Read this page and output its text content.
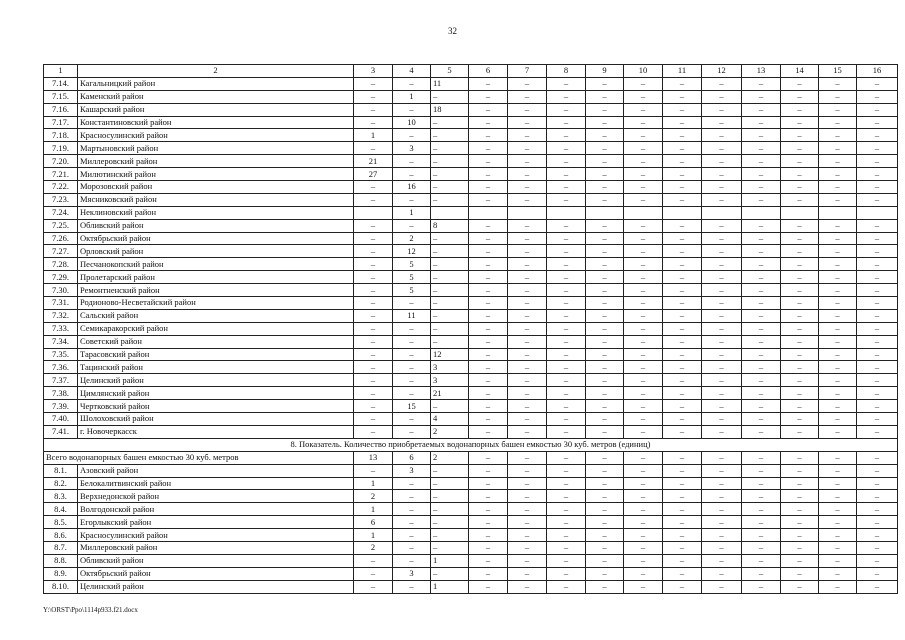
32
1	2	3	4	5	6	7	8	9	10	11	12	13	14	15	16
7.14.	Кагальницкий район	–	–	11	–	–	–	–	–	–	–	–	–	–	–
7.15.	Каменский район	–	1	–	–	–	–	–	–	–	–	–	–	–	–
7.16.	Кашарский район	–	–	18	–	–	–	–	–	–	–	–	–	–	–
7.17.	Константиновский район	–	10	–	–	–	–	–	–	–	–	–	–	–	–
7.18.	Красносулинский район	1	–	–	–	–	–	–	–	–	–	–	–	–	–
7.19.	Мартыновский район	–	3	–	–	–	–	–	–	–	–	–	–	–	–
7.20.	Миллеровский район	21	–	–	–	–	–	–	–	–	–	–	–	–	–
7.21.	Милютинский район	27	–	–	–	–	–	–	–	–	–	–	–	–	–
7.22.	Морозовский район	–	16	–	–	–	–	–	–	–	–	–	–	–	–
7.23.	Мясниковский район	–	–	–	–	–	–	–	–	–	–	–	–	–	–
7.24.	Неклиновский район		1												
7.25.	Обливский район	–	–	8	–	–	–	–	–	–	–	–	–	–	–
7.26.	Октябрьский район	–	2	–	–	–	–	–	–	–	–	–	–	–	–
7.27.	Орловский район	–	12	–	–	–	–	–	–	–	–	–	–	–	–
7.28.	Песчанокопский район	–	5	–	–	–	–	–	–	–	–	–	–	–	–
7.29.	Пролетарский район	–	5	–	–	–	–	–	–	–	–	–	–	–	–
7.30.	Ремонтненский район	–	5	–	–	–	–	–	–	–	–	–	–	–	–
7.31.	Родионово-Несветайский район	–	–	–	–	–	–	–	–	–	–	–	–	–	–
7.32.	Сальский район	–	11	–	–	–	–	–	–	–	–	–	–	–	–
7.33.	Семикаракорский район	–	–	–	–	–	–	–	–	–	–	–	–	–	–
7.34.	Советский район	–	–	–	–	–	–	–	–	–	–	–	–	–	–
7.35.	Тарасовский район	–	–	12	–	–	–	–	–	–	–	–	–	–	–
7.36.	Тацинский район	–	–	3	–	–	–	–	–	–	–	–	–	–	–
7.37.	Целинский район	–	–	3	–	–	–	–	–	–	–	–	–	–	–
7.38.	Цимлянский район	–	–	21	–	–	–	–	–	–	–	–	–	–	–
7.39.	Чертковский район	–	15	–	–	–	–	–	–	–	–	–	–	–	–
7.40.	Шолоховский район	–	–	4	–	–	–	–	–	–	–	–	–	–	–
7.41.	г. Новочеркасск	–	–	2	–	–	–	–	–	–	–	–	–	–	–
8. Показатель. Количество приобретаемых водонапорных башен емкостью 30 куб. метров (единиц)															
Всего водонапорных башен емкостью 30 куб. метров		13	6	2	–	–	–	–	–	–	–	–	–	–	–
8.1.	Азовский район	–	3	–	–	–	–	–	–	–	–	–	–	–	–
8.2.	Белокалитвинский район	1	–	–	–	–	–	–	–	–	–	–	–	–	–
8.3.	Верхнедонской район	2	–	–	–	–	–	–	–	–	–	–	–	–	–
8.4.	Волгодонской район	1	–	–	–	–	–	–	–	–	–	–	–	–	–
8.5.	Егорлыкский район	6	–	–	–	–	–	–	–	–	–	–	–	–	–
8.6.	Красносулинский район	1	–	–	–	–	–	–	–	–	–	–	–	–	–
8.7.	Миллеровский район	2	–	–	–	–	–	–	–	–	–	–	–	–	–
8.8.	Обливский район	–	–	1	–	–	–	–	–	–	–	–	–	–	–
8.9.	Октябрьский район	–	3	–	–	–	–	–	–	–	–	–	–	–	–
8.10.	Целинский район	–	–	1	–	–	–	–	–	–	–	–	–	–	–
Y:\ORST\Ppo\1114p933.f21.docx
